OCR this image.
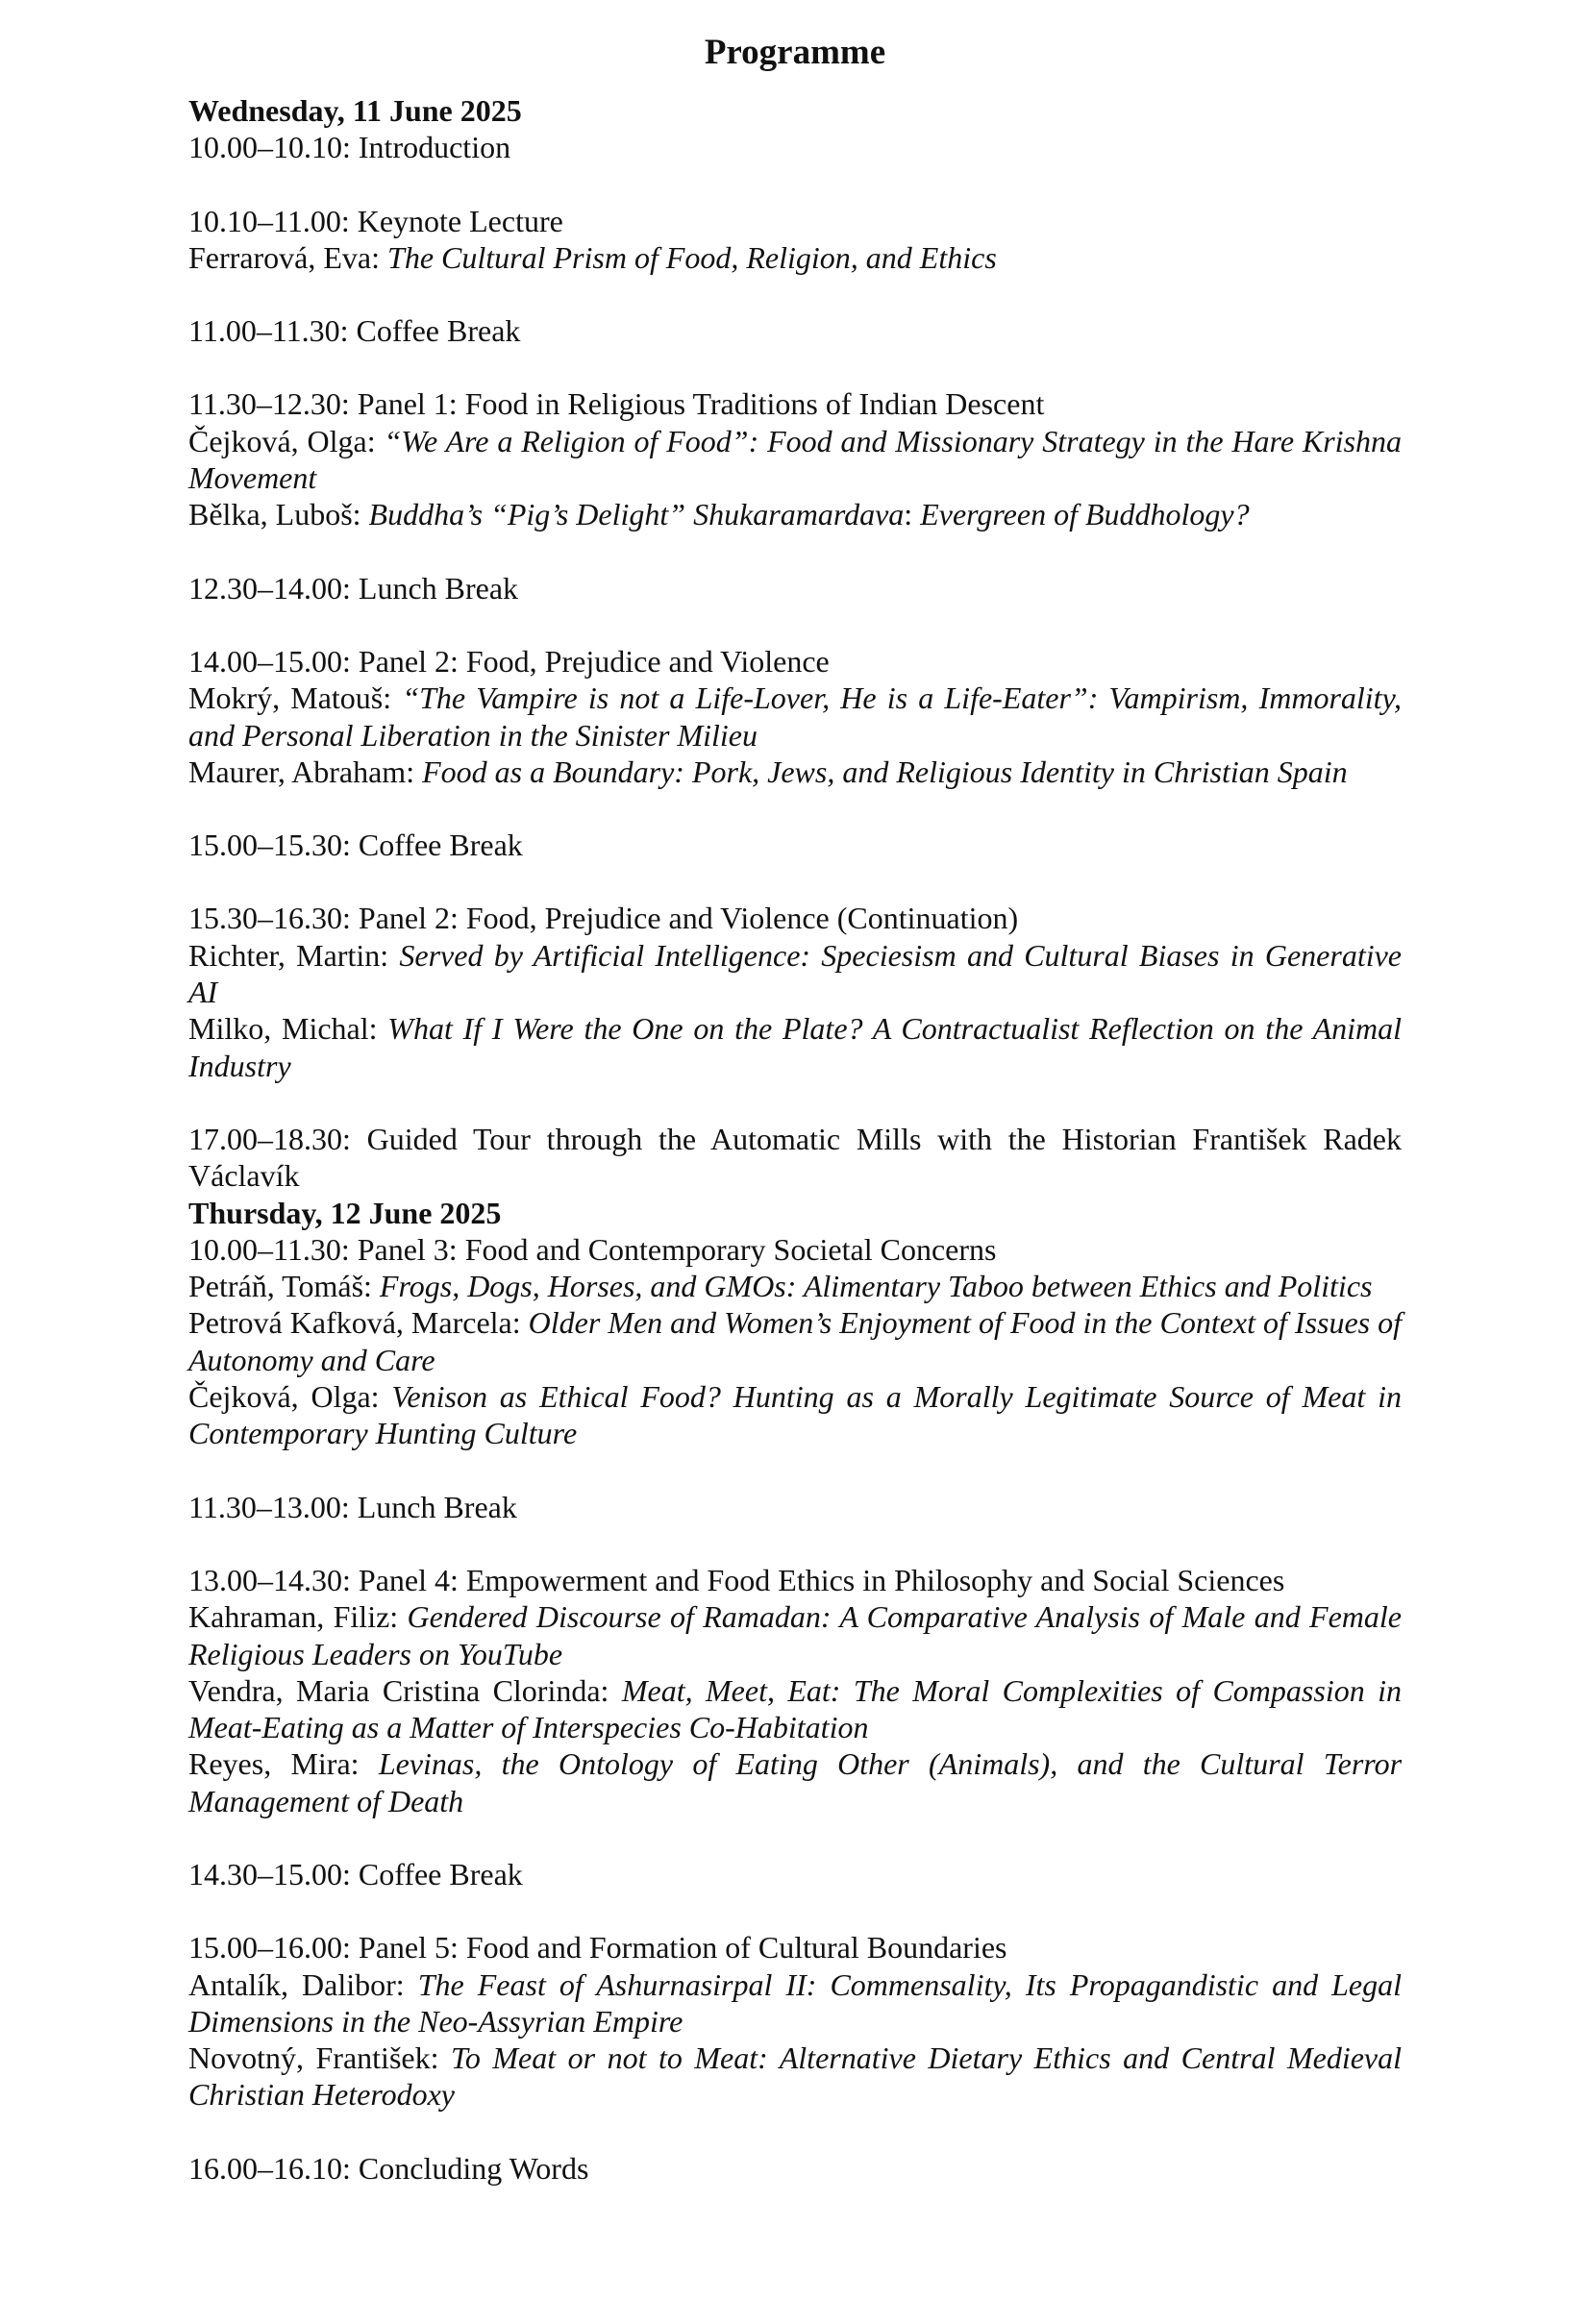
Programme
Wednesday, 11 June 2025
10.00–10.10: Introduction
10.10–11.00: Keynote Lecture
Ferrarová, Eva: The Cultural Prism of Food, Religion, and Ethics
11.00–11.30: Coffee Break
11.30–12.30: Panel 1: Food in Religious Traditions of Indian Descent
Čejková, Olga: “We Are a Religion of Food”: Food and Missionary Strategy in the Hare Krishna Movement
Bělka, Luboš: Buddha’s “Pig’s Delight” Shukaramardava: Evergreen of Buddhology?
12.30–14.00: Lunch Break
14.00–15.00: Panel 2: Food, Prejudice and Violence
Mokrý, Matouš: “The Vampire is not a Life-Lover, He is a Life-Eater”: Vampirism, Immorality, and Personal Liberation in the Sinister Milieu
Maurer, Abraham: Food as a Boundary: Pork, Jews, and Religious Identity in Christian Spain
15.00–15.30: Coffee Break
15.30–16.30: Panel 2: Food, Prejudice and Violence (Continuation)
Richter, Martin: Served by Artificial Intelligence: Speciesism and Cultural Biases in Generative AI
Milko, Michal: What If I Were the One on the Plate? A Contractualist Reflection on the Animal Industry
17.00–18.30: Guided Tour through the Automatic Mills with the Historian František Radek Václavík
Thursday, 12 June 2025
10.00–11.30: Panel 3: Food and Contemporary Societal Concerns
Petráň, Tomáš: Frogs, Dogs, Horses, and GMOs: Alimentary Taboo between Ethics and Politics
Petrová Kafková, Marcela: Older Men and Women’s Enjoyment of Food in the Context of Issues of Autonomy and Care
Čejková, Olga: Venison as Ethical Food? Hunting as a Morally Legitimate Source of Meat in Contemporary Hunting Culture
11.30–13.00: Lunch Break
13.00–14.30: Panel 4: Empowerment and Food Ethics in Philosophy and Social Sciences
Kahraman, Filiz: Gendered Discourse of Ramadan: A Comparative Analysis of Male and Female Religious Leaders on YouTube
Vendra, Maria Cristina Clorinda: Meat, Meet, Eat: The Moral Complexities of Compassion in Meat-Eating as a Matter of Interspecies Co-Habitation
Reyes, Mira: Levinas, the Ontology of Eating Other (Animals), and the Cultural Terror Management of Death
14.30–15.00: Coffee Break
15.00–16.00: Panel 5: Food and Formation of Cultural Boundaries
Antalík, Dalibor: The Feast of Ashurnasirpal II: Commensality, Its Propagandistic and Legal Dimensions in the Neo-Assyrian Empire
Novotný, František: To Meat or not to Meat: Alternative Dietary Ethics and Central Medieval Christian Heterodoxy
16.00–16.10: Concluding Words
